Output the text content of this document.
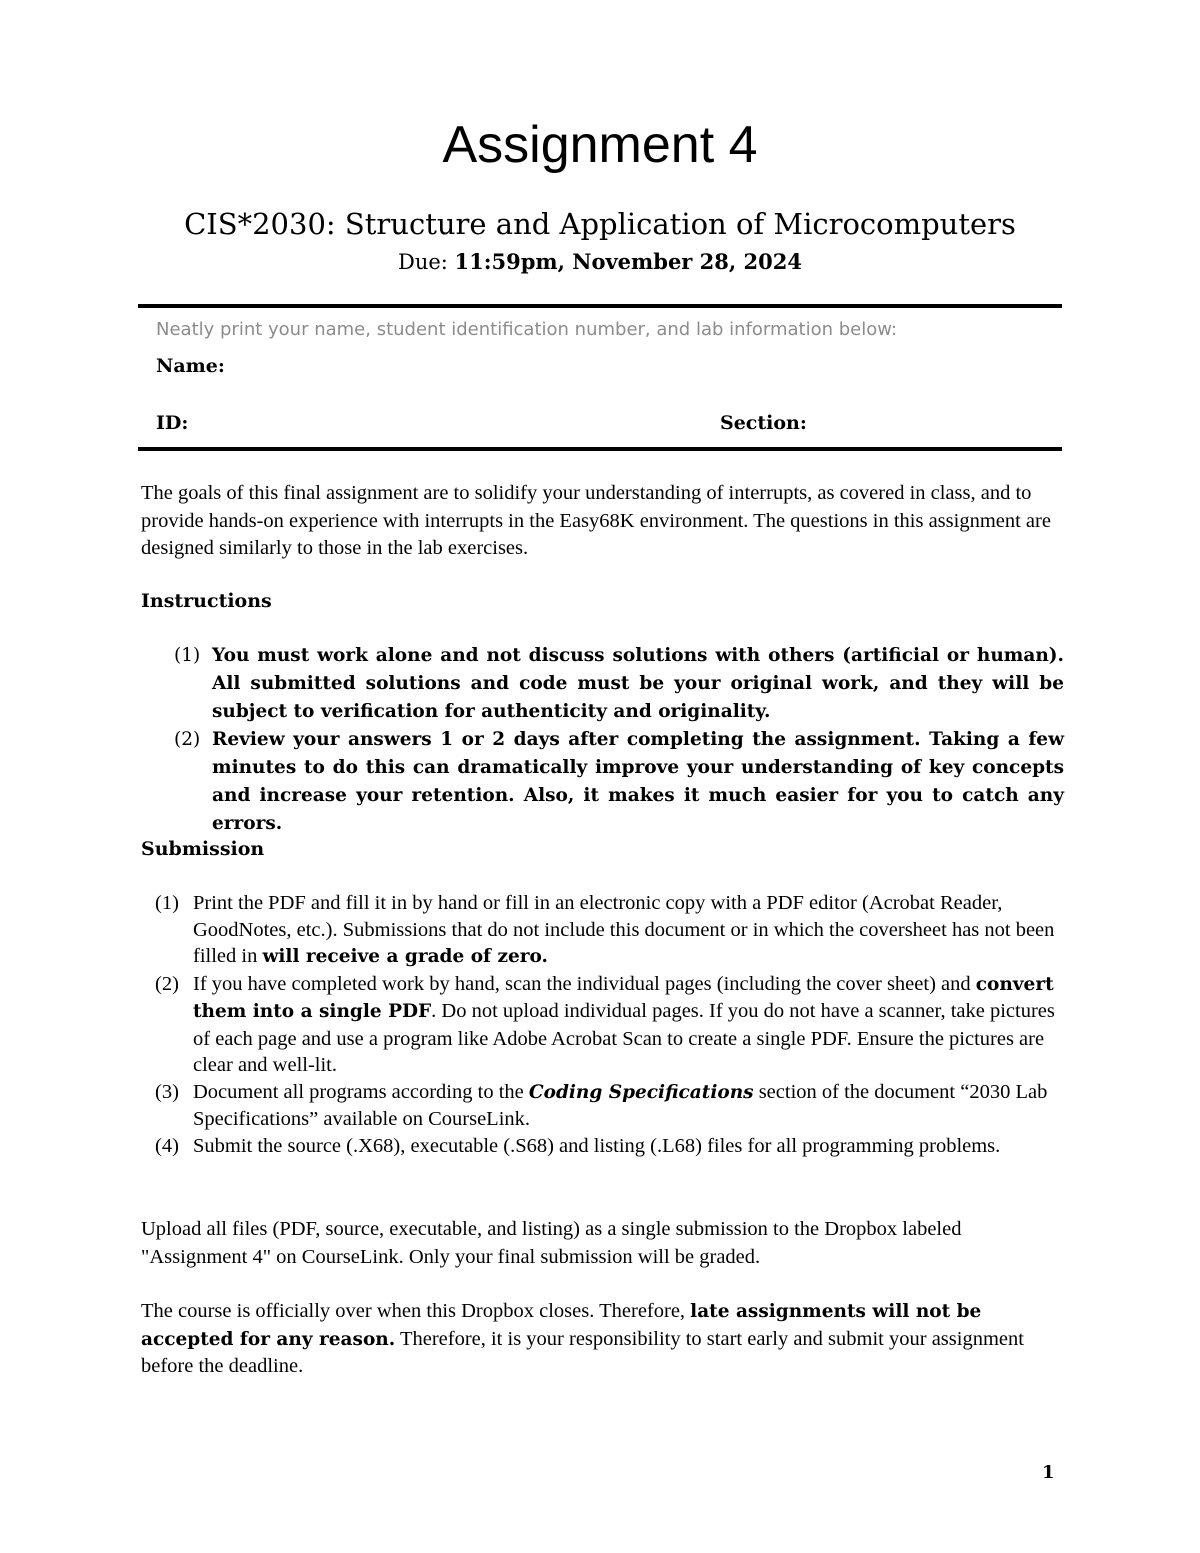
Assignment 4
CIS*2030: Structure and Application of Microcomputers
Due: 11:59pm, November 28, 2024
Neatly print your name, student identification number, and lab information below:
Name:
ID:	Section:
The goals of this final assignment are to solidify your understanding of interrupts, as covered in class, and to provide hands-on experience with interrupts in the Easy68K environment. The questions in this assignment are designed similarly to those in the lab exercises.
Instructions
(1) You must work alone and not discuss solutions with others (artificial or human). All submitted solutions and code must be your original work, and they will be subject to verification for authenticity and originality.
(2) Review your answers 1 or 2 days after completing the assignment. Taking a few minutes to do this can dramatically improve your understanding of key concepts and increase your retention. Also, it makes it much easier for you to catch any errors.
Submission
(1) Print the PDF and fill it in by hand or fill in an electronic copy with a PDF editor (Acrobat Reader, GoodNotes, etc.). Submissions that do not include this document or in which the coversheet has not been filled in will receive a grade of zero.
(2) If you have completed work by hand, scan the individual pages (including the cover sheet) and convert them into a single PDF. Do not upload individual pages. If you do not have a scanner, take pictures of each page and use a program like Adobe Acrobat Scan to create a single PDF. Ensure the pictures are clear and well-lit.
(3) Document all programs according to the Coding Specifications section of the document “2030 Lab Specifications” available on CourseLink.
(4) Submit the source (.X68), executable (.S68) and listing (.L68) files for all programming problems.
Upload all files (PDF, source, executable, and listing) as a single submission to the Dropbox labeled "Assignment 4" on CourseLink. Only your final submission will be graded.
The course is officially over when this Dropbox closes. Therefore, late assignments will not be accepted for any reason. Therefore, it is your responsibility to start early and submit your assignment before the deadline.
1
